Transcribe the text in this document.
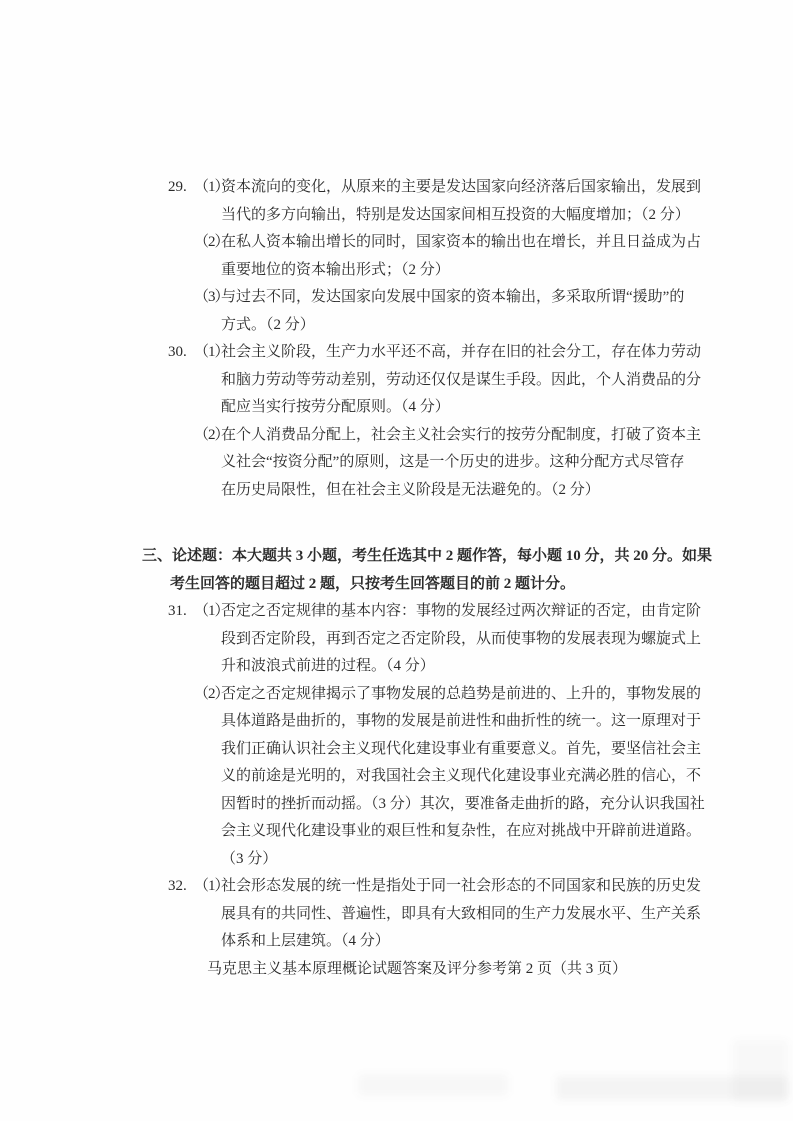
29. （1）
资本流向的变化，从原来的主要是发达国家向经济落后国家输出，发展到
当代的多方向输出，特别是发达国家间相互投资的大幅度增加；（2 分）
（2）
在私人资本输出增长的同时，国家资本的输出也在增长，并且日益成为占
重要地位的资本输出形式；（2 分）
（3）
与过去不同，发达国家向发展中国家的资本输出，多采取所谓“援助”的
方式。（2 分）
30. （1）
社会主义阶段，生产力水平还不高，并存在旧的社会分工，存在体力劳动
和脑力劳动等劳动差别，劳动还仅仅是谋生手段。因此，个人消费品的分
配应当实行按劳分配原则。（4 分）
（2）
在个人消费品分配上，社会主义社会实行的按劳分配制度，打破了资本主
义社会“按资分配”的原则，这是一个历史的进步。这种分配方式尽管存
在历史局限性，但在社会主义阶段是无法避免的。（2 分）
三、论述题：本大题共 3 小题，考生任选其中 2 题作答，每小题 10 分，共 20 分。如果
考生回答的题目超过 2 题，只按考生回答题目的前 2 题计分。
31. （1）
否定之否定规律的基本内容：事物的发展经过两次辩证的否定，由肯定阶
段到否定阶段，再到否定之否定阶段，从而使事物的发展表现为螺旋式上
升和波浪式前进的过程。（4 分）
（2）
否定之否定规律揭示了事物发展的总趋势是前进的、上升的，事物发展的
具体道路是曲折的，事物的发展是前进性和曲折性的统一。这一原理对于
我们正确认识社会主义现代化建设事业有重要意义。首先，要坚信社会主
义的前途是光明的，对我国社会主义现代化建设事业充满必胜的信心，不
因暂时的挫折而动摇。（3 分）其次，要准备走曲折的路，充分认识我国社
会主义现代化建设事业的艰巨性和复杂性，在应对挑战中开辟前进道路。
（3 分）
32. （1）
社会形态发展的统一性是指处于同一社会形态的不同国家和民族的历史发
展具有的共同性、普遍性，即具有大致相同的生产力发展水平、生产关系
体系和上层建筑。（4 分）
马克思主义基本原理概论试题答案及评分参考第 2 页（共 3 页）
